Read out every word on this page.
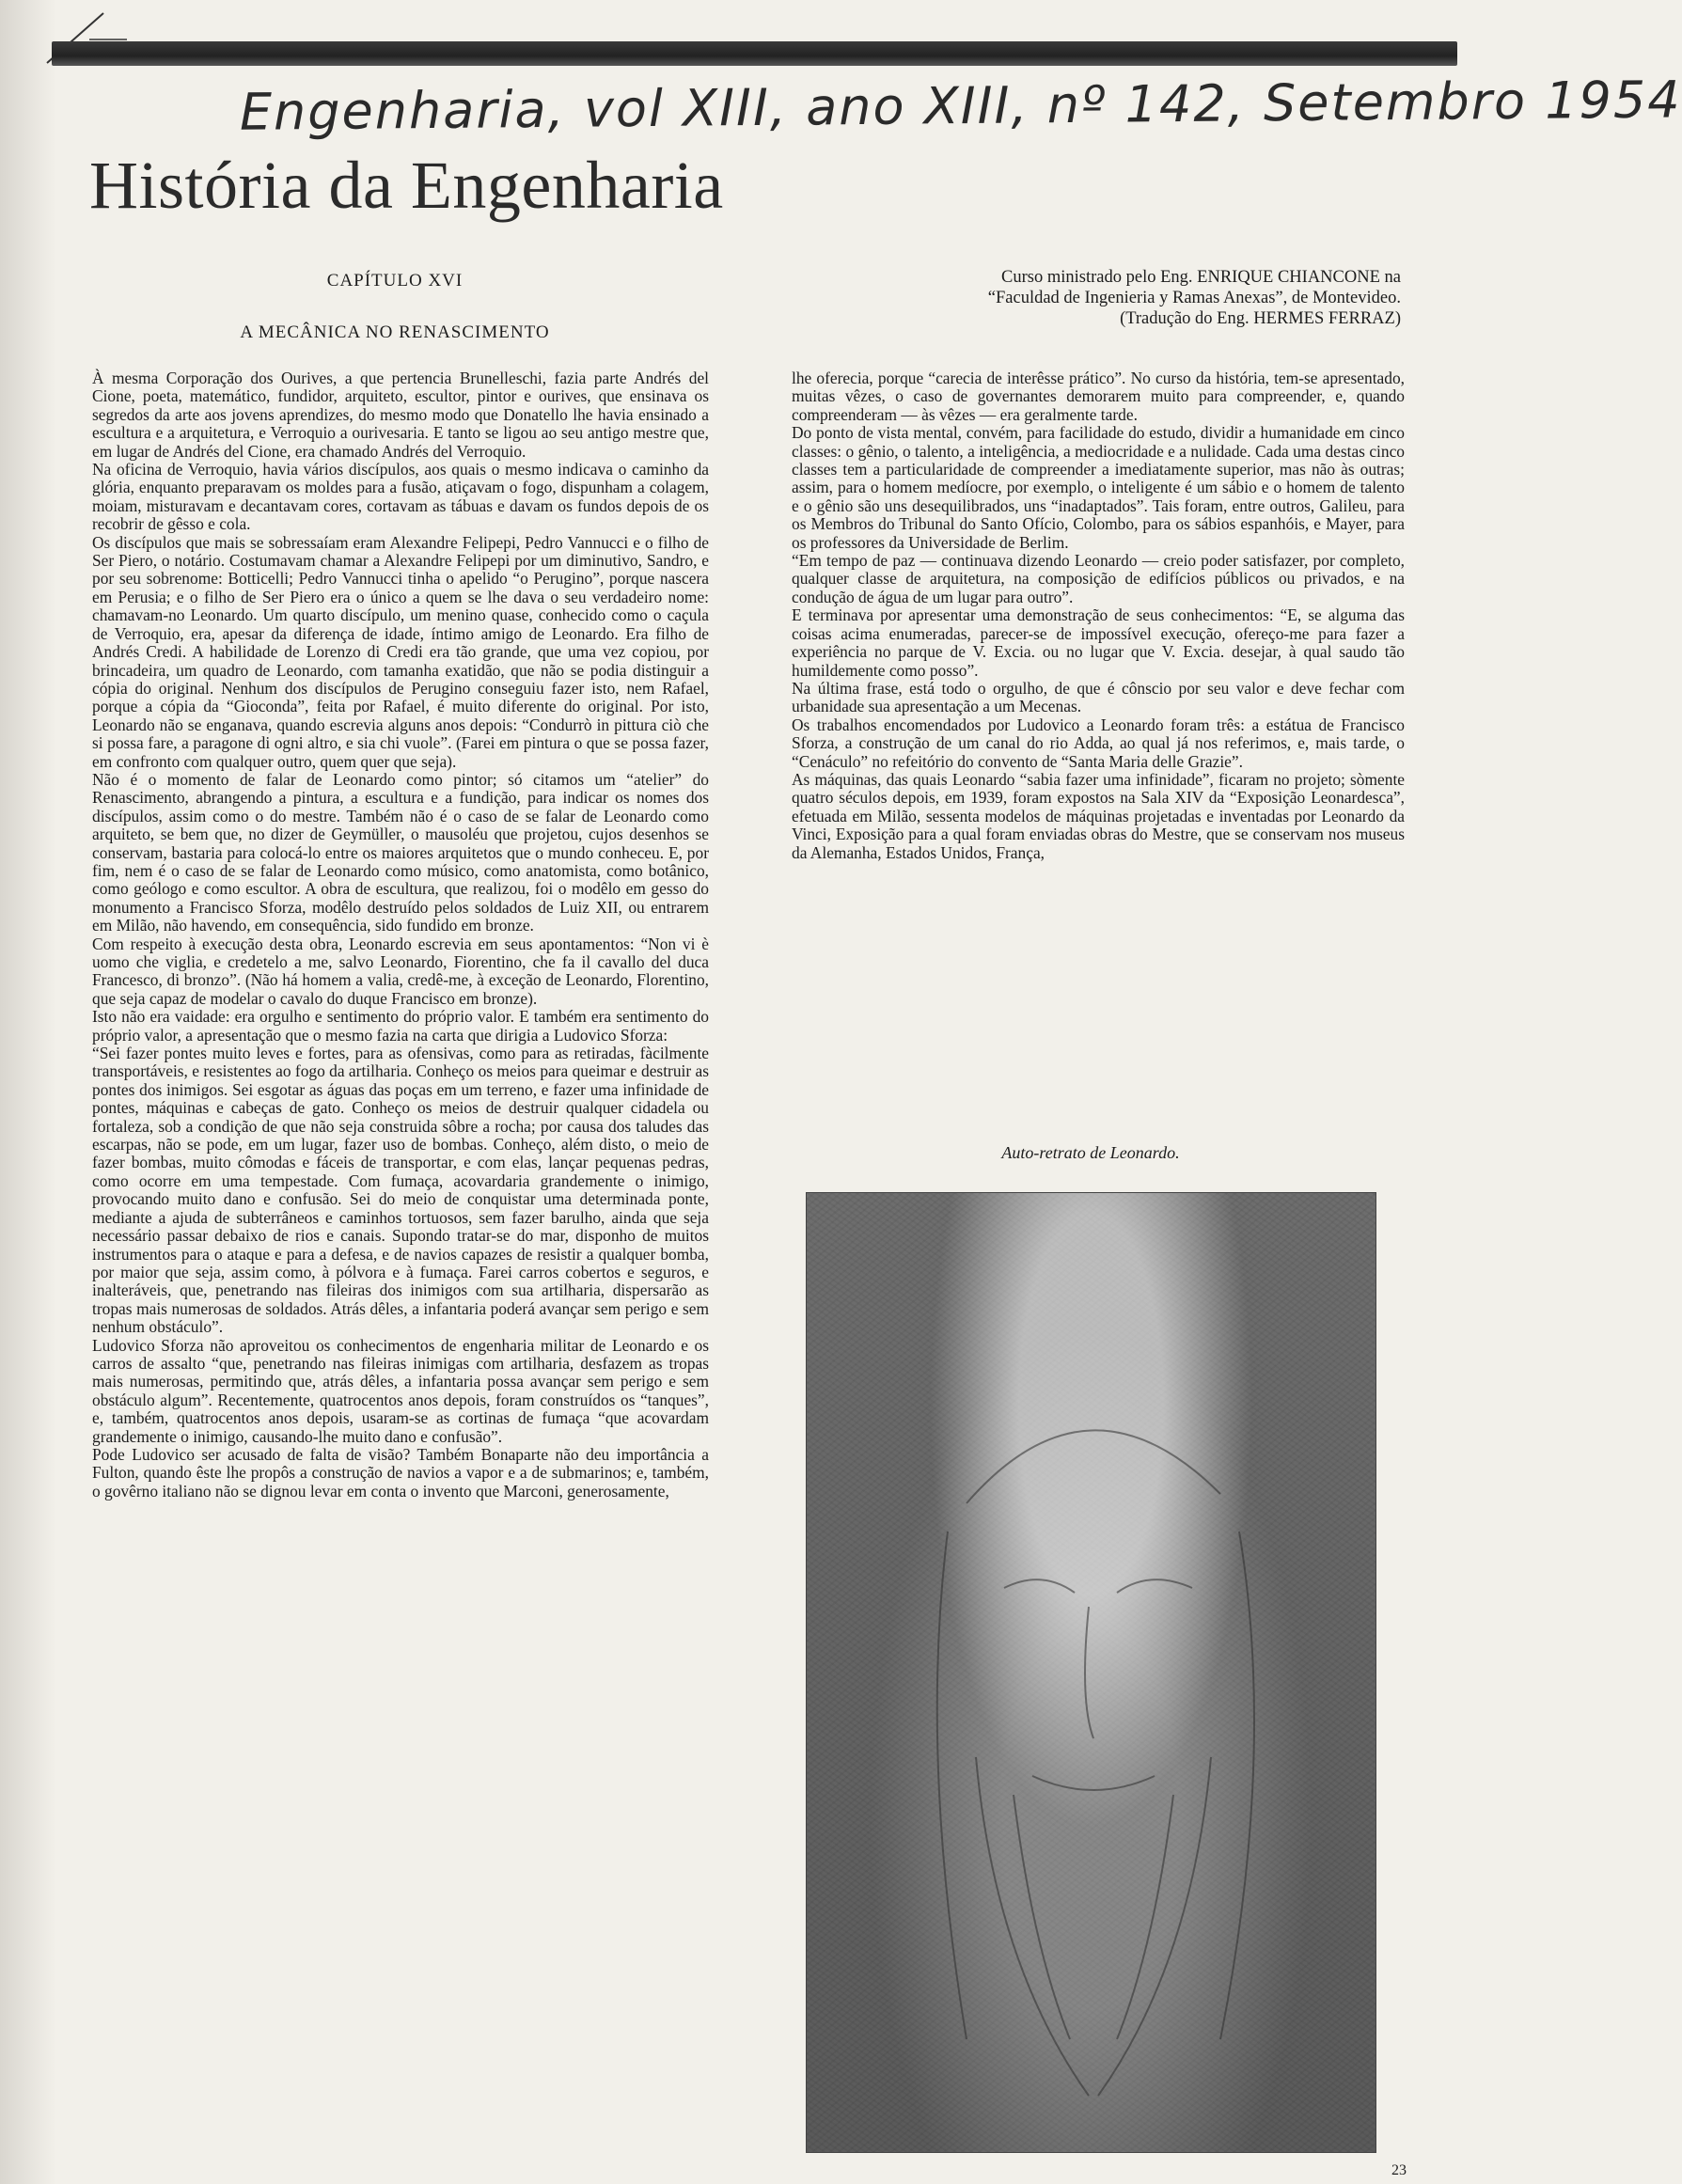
Engenharia, vol XIII, ano XIII, nº 142, Setembro 1954
História da Engenharia
CAPÍTULO XVI
A MECÂNICA NO RENASCIMENTO
Curso ministrado pelo Eng. ENRIQUE CHIANCONE na
“Faculdad de Ingenieria y Ramas Anexas”, de Montevideo.
(Tradução do Eng. HERMES FERRAZ)

À mesma Corporação dos Ourives, a que pertencia Brunelleschi, fazia parte Andrés del Cione, poeta, matemático, fundidor, arquiteto, escultor, pintor e ourives, que ensinava os segredos da arte aos jovens aprendizes, do mesmo modo que Donatello lhe havia ensinado a escultura e a arquitetura, e Verroquio a ourivesaria. E tanto se ligou ao seu antigo mestre que, em lugar de Andrés del Cione, era chamado Andrés del Verroquio.

Na oficina de Verroquio, havia vários discípulos, aos quais o mesmo indicava o caminho da glória, enquanto preparavam os moldes para a fusão, atiçavam o fogo, dispunham a colagem, moiam, misturavam e decantavam cores, cortavam as tábuas e davam os fundos depois de os recobrir de gêsso e cola.

Os discípulos que mais se sobressaíam eram Alexandre Felipepi, Pedro Vannucci e o filho de Ser Piero, o notário. Costumavam chamar a Alexandre Felipepi por um diminutivo, Sandro, e por seu sobrenome: Botticelli; Pedro Vannucci tinha o apelido “o Perugino”, porque nascera em Perusia; e o filho de Ser Piero era o único a quem se lhe dava o seu verdadeiro nome: chamavam-no Leonardo. Um quarto discípulo, um menino quase, conhecido como o caçula de Verroquio, era, apesar da diferença de idade, íntimo amigo de Leonardo. Era filho de Andrés Credi. A habilidade de Lorenzo di Credi era tão grande, que uma vez copiou, por brincadeira, um quadro de Leonardo, com tamanha exatidão, que não se podia distinguir a cópia do original. Nenhum dos discípulos de Perugino conseguiu fazer isto, nem Rafael, porque a cópia da “Gioconda”, feita por Rafael, é muito diferente do original. Por isto, Leonardo não se enganava, quando escrevia alguns anos depois: “Condurrò in pittura ciò che si possa fare, a paragone di ogni altro, e sia chi vuole”. (Farei em pintura o que se possa fazer, em confronto com qualquer outro, quem quer que seja).

Não é o momento de falar de Leonardo como pintor; só citamos um “atelier” do Renascimento, abrangendo a pintura, a escultura e a fundição, para indicar os nomes dos discípulos, assim como o do mestre. Também não é o caso de se falar de Leonardo como arquiteto, se bem que, no dizer de Geymüller, o mausoléu que projetou, cujos desenhos se conservam, bastaria para colocá-lo entre os maiores arquitetos que o mundo conheceu. E, por fim, nem é o caso de se falar de Leonardo como músico, como anatomista, como botânico, como geólogo e como escultor. A obra de escultura, que realizou, foi o modêlo em gesso do monumento a Francisco Sforza, modêlo destruído pelos soldados de Luiz XII, ou entrarem em Milão, não havendo, em consequência, sido fundido em bronze.

Com respeito à execução desta obra, Leonardo escrevia em seus apontamentos: “Non vi è uomo che viglia, e credetelo a me, salvo Leonardo, Fiorentino, che fa il cavallo del duca Francesco, di bronzo”. (Não há homem a valia, credê-me, à exceção de Leonardo, Florentino, que seja capaz de modelar o cavalo do duque Francisco em bronze).

Isto não era vaidade: era orgulho e sentimento do próprio valor. E também era sentimento do próprio valor, a apresentação que o mesmo fazia na carta que dirigia a Ludovico Sforza:

“Sei fazer pontes muito leves e fortes, para as ofensivas, como para as retiradas, fàcilmente transportáveis, e resistentes ao fogo da artilharia. Conheço os meios para queimar e destruir as pontes dos inimigos. Sei esgotar as águas das poças em um terreno, e fazer uma infinidade de pontes, máquinas e cabeças de gato. Conheço os meios de destruir qualquer cidadela ou fortaleza, sob a condição de que não seja construida sôbre a rocha; por causa dos taludes das escarpas, não se pode, em um lugar, fazer uso de bombas. Conheço, além disto, o meio de fazer bombas, muito cômodas e fáceis de transportar, e com elas, lançar pequenas pedras, como ocorre em uma tempestade. Com fumaça, acovardaria grandemente o inimigo, provocando muito dano e confusão. Sei do meio de conquistar uma determinada ponte, mediante a ajuda de subterrâneos e caminhos tortuosos, sem fazer barulho, ainda que seja necessário passar debaixo de rios e canais. Supondo tratar-se do mar, disponho de muitos instrumentos para o ataque e para a defesa, e de navios capazes de resistir a qualquer bomba, por maior que seja, assim como, à pólvora e à fumaça. Farei carros cobertos e seguros, e inalteráveis, que, penetrando nas fileiras dos inimigos com sua artilharia, dispersarão as tropas mais numerosas de soldados. Atrás dêles, a infantaria poderá avançar sem perigo e sem nenhum obstáculo”.

Ludovico Sforza não aproveitou os conhecimentos de engenharia militar de Leonardo e os carros de assalto “que, penetrando nas fileiras inimigas com artilharia, desfazem as tropas mais numerosas, permitindo que, atrás dêles, a infantaria possa avançar sem perigo e sem obstáculo algum”. Recentemente, quatrocentos anos depois, foram construídos os “tanques”, e, também, quatrocentos anos depois, usaram-se as cortinas de fumaça “que acovardam grandemente o inimigo, causando-lhe muito dano e confusão”.

Pode Ludovico ser acusado de falta de visão? Também Bonaparte não deu importância a Fulton, quando êste lhe propôs a construção de navios a vapor e a de submarinos; e, também, o govêrno italiano não se dignou levar em conta o invento que Marconi, generosamente,

lhe oferecia, porque “carecia de interêsse prático”. No curso da história, tem-se apresentado, muitas vêzes, o caso de governantes demorarem muito para compreender, e, quando compreenderam — às vêzes — era geralmente tarde.

Do ponto de vista mental, convém, para facilidade do estudo, dividir a humanidade em cinco classes: o gênio, o talento, a inteligência, a mediocridade e a nulidade. Cada uma destas cinco classes tem a particularidade de compreender a imediatamente superior, mas não às outras; assim, para o homem medíocre, por exemplo, o inteligente é um sábio e o homem de talento e o gênio são uns desequilibrados, uns “inadaptados”. Tais foram, entre outros, Galileu, para os Membros do Tribunal do Santo Ofício, Colombo, para os sábios espanhóis, e Mayer, para os professores da Universidade de Berlim.

“Em tempo de paz — continuava dizendo Leonardo — creio poder satisfazer, por completo, qualquer classe de arquitetura, na composição de edifícios públicos ou privados, e na condução de água de um lugar para outro”.

E terminava por apresentar uma demonstração de seus conhecimentos: “E, se alguma das coisas acima enumeradas, parecer-se de impossível execução, ofereço-me para fazer a experiência no parque de V. Excia. ou no lugar que V. Excia. desejar, à qual saudo tão humildemente como posso”.

Na última frase, está todo o orgulho, de que é cônscio por seu valor e deve fechar com urbanidade sua apresentação a um Mecenas.

Os trabalhos encomendados por Ludovico a Leonardo foram três: a estátua de Francisco Sforza, a construção de um canal do rio Adda, ao qual já nos referimos, e, mais tarde, o “Cenáculo” no refeitório do convento de “Santa Maria delle Grazie”.

As máquinas, das quais Leonardo “sabia fazer uma infinidade”, ficaram no projeto; sòmente quatro séculos depois, em 1939, foram expostos na Sala XIV da “Exposição Leonardesca”, efetuada em Milão, sessenta modelos de máquinas projetadas e inventadas por Leonardo da Vinci, Exposição para a qual foram enviadas obras do Mestre, que se conservam nos museus da Alemanha, Estados Unidos, França,

Auto-retrato de Leonardo.
23
